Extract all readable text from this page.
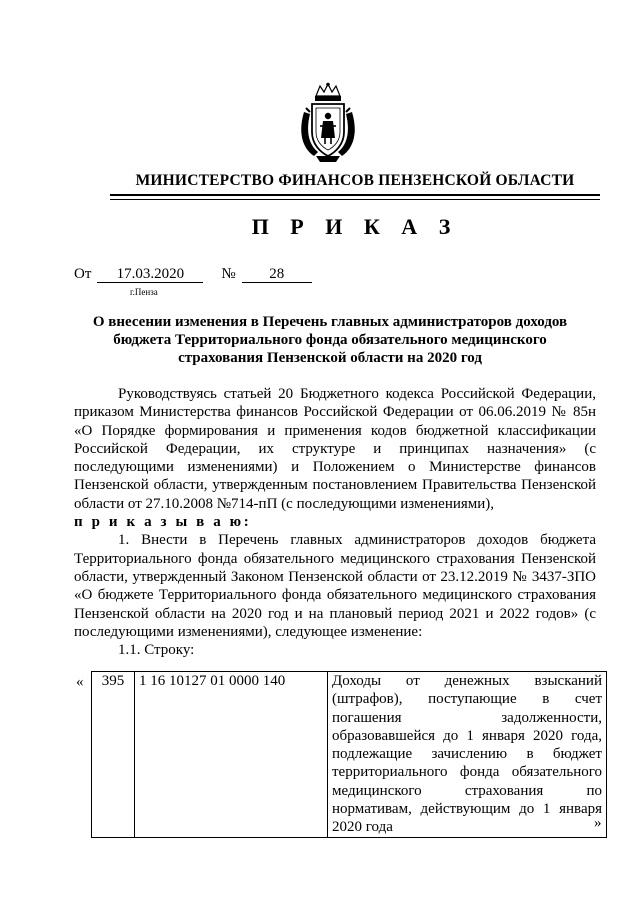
МИНИСТЕРСТВО ФИНАНСОВ ПЕНЗЕНСКОЙ ОБЛАСТИ
П Р И К А З
От 17.03.2020 № 28
г.Пенза
О внесении изменения в Перечень главных администраторов доходов бюджета Территориального фонда обязательного медицинского страхования Пензенской области на 2020 год

Руководствуясь статьей 20 Бюджетного кодекса Российской Федерации, приказом Министерства финансов Российской Федерации от 06.06.2019 № 85н «О Порядке формирования и применения кодов бюджетной классификации Российской Федерации, их структуре и принципах назначения» (с последующими изменениями) и Положением о Министерстве финансов Пензенской области, утвержденным постановлением Правительства Пензенской области от 27.10.2008 №714-пП (с последующими изменениями),

п р и к а з ы в а ю:

1. Внести в Перечень главных администраторов доходов бюджета Территориального фонда обязательного медицинского страхования Пензенской области, утвержденный Законом Пензенской области от 23.12.2019 № 3437-ЗПО «О бюджете Территориального фонда обязательного медицинского страхования Пензенской области на 2020 год и на плановый период 2021 и 2022 годов» (с последующими изменениями), следующее изменение:

1.1. Строку:

« 395	1 16 10127 01 0000 140	Доходы от денежных взысканий (штрафов), поступающие в счет погашения задолженности, образовавшейся до 1 января 2020 года, подлежащие зачислению в бюджет территориального фонда обязательного медицинского страхования по нормативам, действующим до 1 января 2020 года	»
